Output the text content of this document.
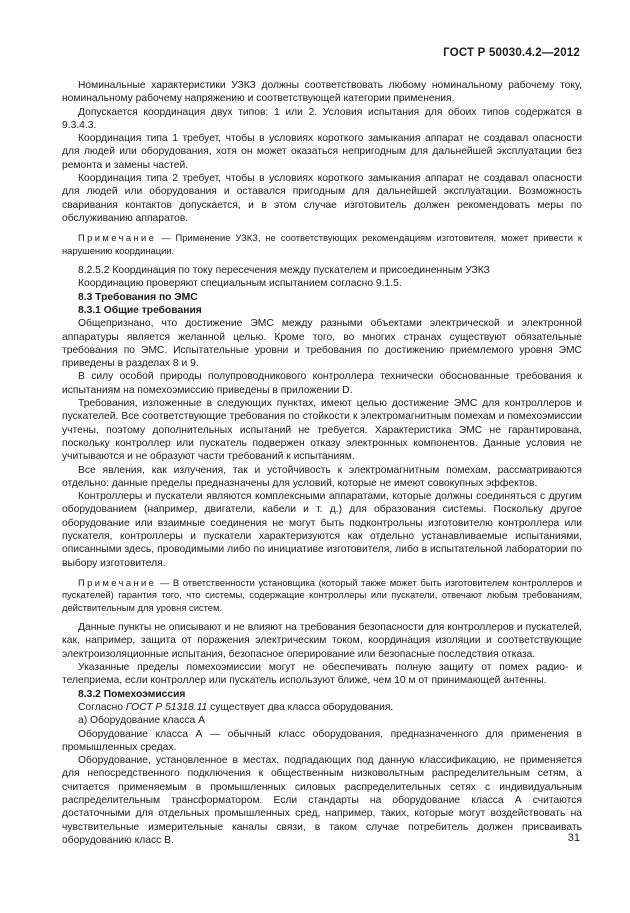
ГОСТ Р 50030.4.2—2012

Номинальные характеристики УЗКЗ должны соответствовать любому номинальному рабочему току, номинальному рабочему напряжению и соответствующей категории применения.

Допускается координация двух типов: 1 или 2. Условия испытания для обоих типов содержатся в 9.3.4.3.

Координация типа 1 требует, чтобы в условиях короткого замыкания аппарат не создавал опасности для людей или оборудования, хотя он может оказаться непригодным для дальнейшей эксплуатации без ремонта и замены частей.

Координация типа 2 требует, чтобы в условиях короткого замыкания аппарат не создавал опасности для людей или оборудования и оставался пригодным для дальнейшей эксплуатации. Возможность сваривания контактов допускается, и в этом случае изготовитель должен рекомендовать меры по обслуживанию аппаратов.

Примечание — Применение УЗКЗ, не соответствующих рекомендациям изготовителя, может привести к нарушению координации.

8.2.5.2 Координация по току пересечения между пускателем и присоединенным УЗКЗ

Координацию проверяют специальным испытанием согласно 9.1.5.

8.3 Требования по ЭМС

8.3.1 Общие требования

Общепризнано, что достижение ЭМС между разными объектами электрической и электронной аппаратуры является желанной целью. Кроме того, во многих странах существуют обязательные требования по ЭМС. Испытательные уровни и требования по достижению приемлемого уровня ЭМС приведены в разделах 8 и 9.

В силу особой природы полупроводникового контроллера технически обоснованные требования к испытаниям на помехоэмиссию приведены в приложении D.

Требования, изложенные в следующих пунктах, имеют целью достижение ЭМС для контроллеров и пускателей. Все соответствующие требования по стойкости к электромагнитным помехам и помехоэмиссии учтены, поэтому дополнительных испытаний не требуется. Характеристика ЭМС не гарантирована, поскольку контроллер или пускатель подвержен отказу электронных компонентов. Данные условия не учитываются и не образуют части требований к испытаниям.

Все явления, как излучения, так и устойчивость к электромагнитным помехам, рассматриваются отдельно: данные пределы предназначены для условий, которые не имеют совокупных эффектов.

Контроллеры и пускатели являются комплексными аппаратами, которые должны соединяться с другим оборудованием (например, двигатели, кабели и т. д.) для образования системы. Поскольку другое оборудование или взаимные соединения не могут быть подконтрольны изготовителю контроллера или пускателя, контроллеры и пускатели характеризуются как отдельно устанавливаемые испытаниями, описанными здесь, проводимыми либо по инициативе изготовителя, либо в испытательной лаборатории по выбору изготовителя.

Примечание — В ответственности установщика (который также может быть изготовителем контроллеров и пускателей) гарантия того, что системы, содержащие контроллеры или пускатели, отвечают любым требованиям, действительным для уровня систем.

Данные пункты не описывают и не влияют на требования безопасности для контроллеров и пускателей, как, например, защита от поражения электрическим током, координация изоляции и соответствующие электроизоляционные испытания, безопасное оперирование или безопасные последствия отказа.

Указанные пределы помехоэмиссии могут не обеспечивать полную защиту от помех радио- и телеприема, если контроллер или пускатель используют ближе, чем 10 м от принимающей антенны.

8.3.2 Помехоэмиссия

Согласно ГОСТ Р 51318.11 существует два класса оборудования.

а) Оборудование класса А

Оборудование класса А — обычный класс оборудования, предназначенного для применения в промышленных средах.

Оборудование, установленное в местах, подпадающих под данную классификацию, не применяется для непосредственного подключения к общественным низковольтным распределительным сетям, а считается применяемым в промышленных силовых распределительных сетях с индивидуальным распределительным трансформатором. Если стандарты на оборудование класса А считаются достаточными для отдельных промышленных сред, например, таких, которые могут воздействовать на чувствительные измерительные каналы связи, в таком случае потребитель должен присваивать оборудованию класс В.	31
